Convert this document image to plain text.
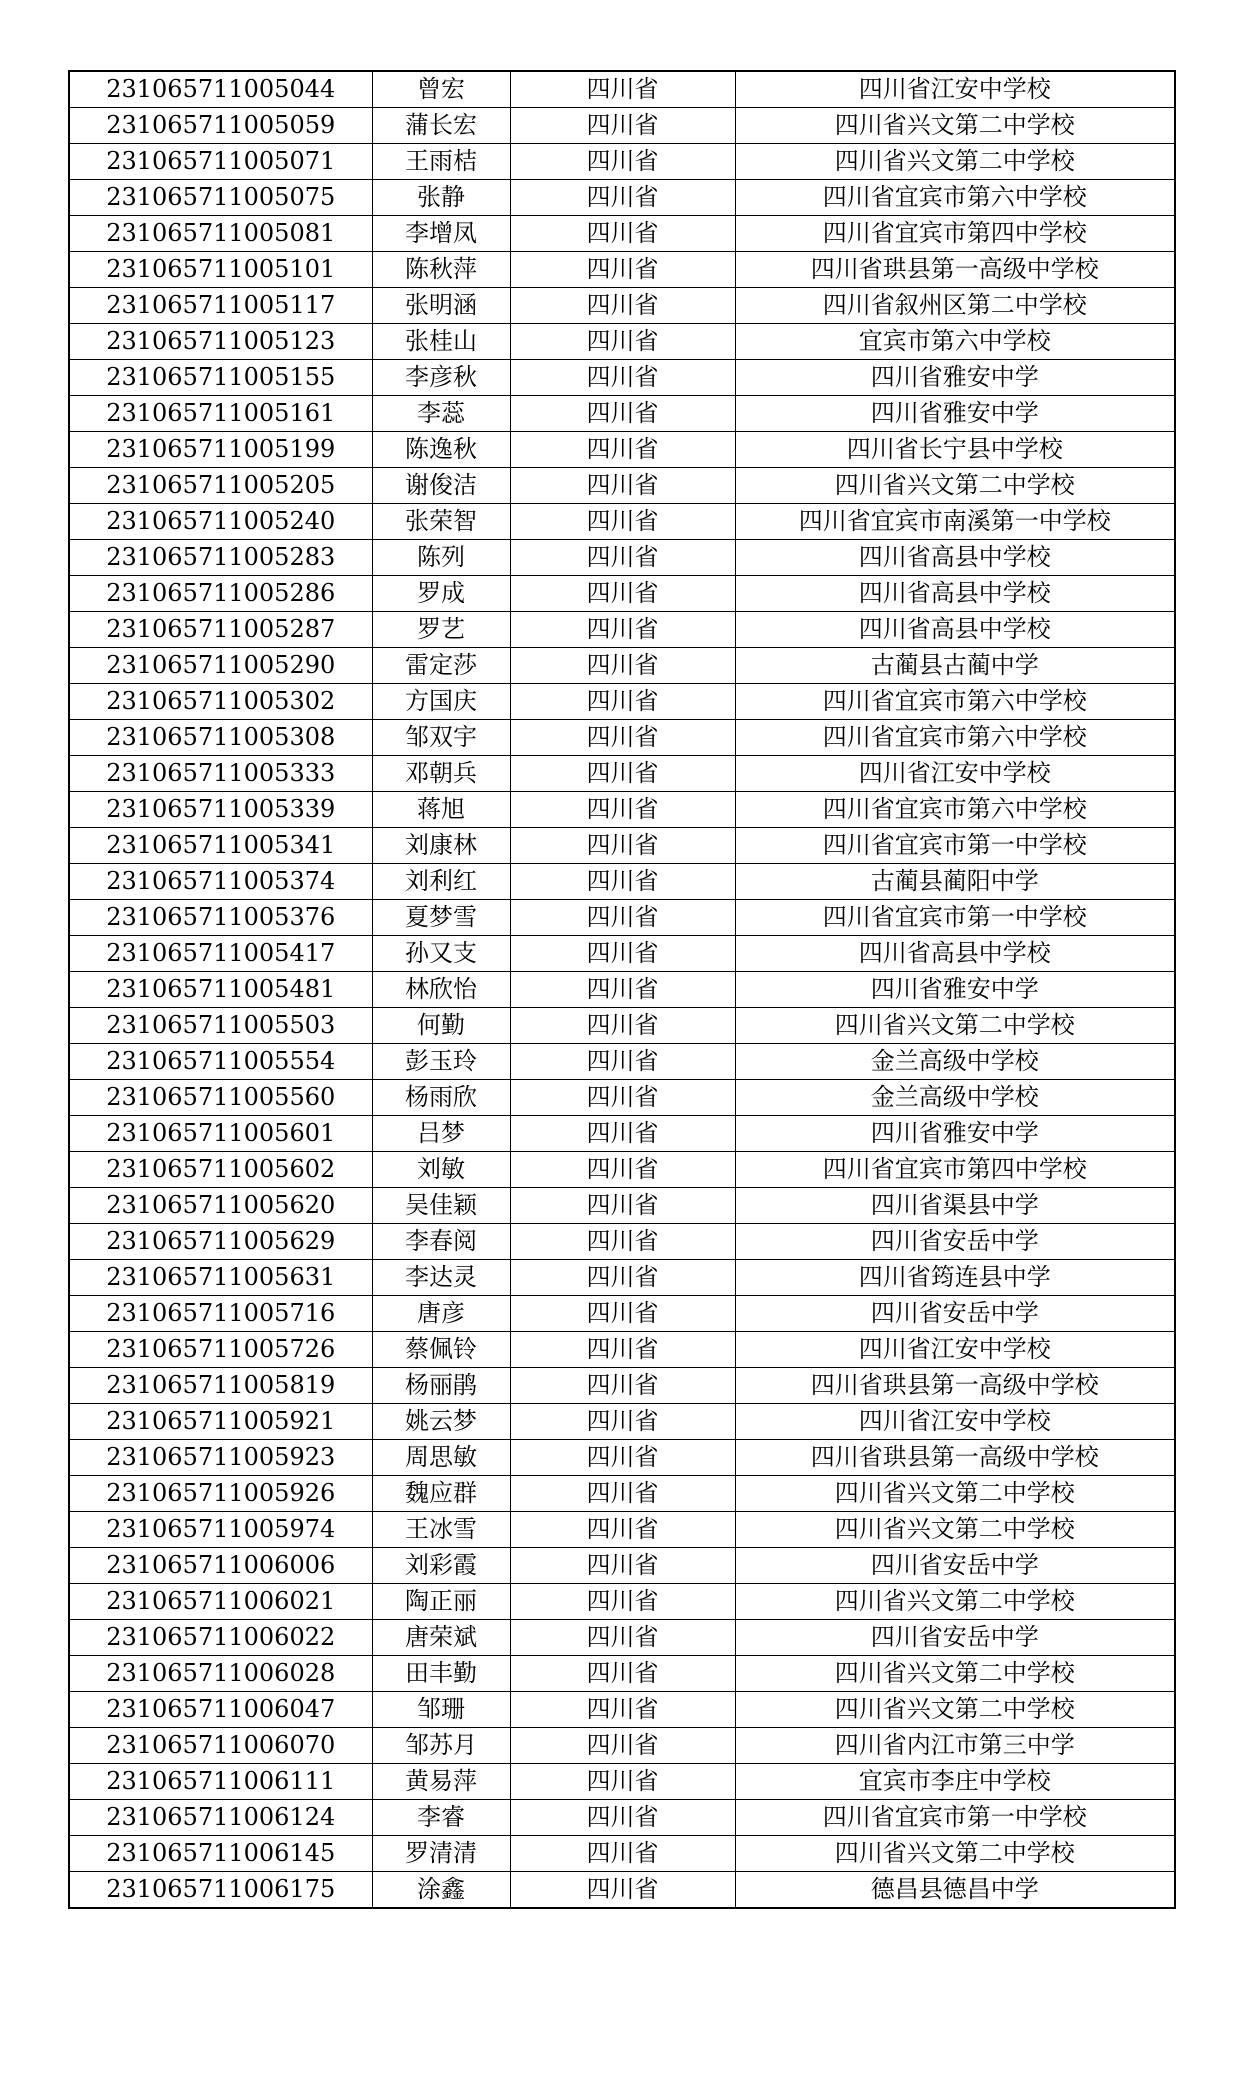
231065711005044	曾宏	四川省	四川省江安中学校
231065711005059	蒲长宏	四川省	四川省兴文第二中学校
231065711005071	王雨桔	四川省	四川省兴文第二中学校
231065711005075	张静	四川省	四川省宜宾市第六中学校
231065711005081	李增凤	四川省	四川省宜宾市第四中学校
231065711005101	陈秋萍	四川省	四川省珙县第一高级中学校
231065711005117	张明涵	四川省	四川省叙州区第二中学校
231065711005123	张桂山	四川省	宜宾市第六中学校
231065711005155	李彦秋	四川省	四川省雅安中学
231065711005161	李蕊	四川省	四川省雅安中学
231065711005199	陈逸秋	四川省	四川省长宁县中学校
231065711005205	谢俊洁	四川省	四川省兴文第二中学校
231065711005240	张荣智	四川省	四川省宜宾市南溪第一中学校
231065711005283	陈列	四川省	四川省高县中学校
231065711005286	罗成	四川省	四川省高县中学校
231065711005287	罗艺	四川省	四川省高县中学校
231065711005290	雷定莎	四川省	古蔺县古蔺中学
231065711005302	方国庆	四川省	四川省宜宾市第六中学校
231065711005308	邹双宇	四川省	四川省宜宾市第六中学校
231065711005333	邓朝兵	四川省	四川省江安中学校
231065711005339	蒋旭	四川省	四川省宜宾市第六中学校
231065711005341	刘康林	四川省	四川省宜宾市第一中学校
231065711005374	刘利红	四川省	古蔺县蔺阳中学
231065711005376	夏梦雪	四川省	四川省宜宾市第一中学校
231065711005417	孙又支	四川省	四川省高县中学校
231065711005481	林欣怡	四川省	四川省雅安中学
231065711005503	何勤	四川省	四川省兴文第二中学校
231065711005554	彭玉玲	四川省	金兰高级中学校
231065711005560	杨雨欣	四川省	金兰高级中学校
231065711005601	吕梦	四川省	四川省雅安中学
231065711005602	刘敏	四川省	四川省宜宾市第四中学校
231065711005620	吴佳颖	四川省	四川省渠县中学
231065711005629	李春阅	四川省	四川省安岳中学
231065711005631	李达灵	四川省	四川省筠连县中学
231065711005716	唐彦	四川省	四川省安岳中学
231065711005726	蔡佩铃	四川省	四川省江安中学校
231065711005819	杨丽鹃	四川省	四川省珙县第一高级中学校
231065711005921	姚云梦	四川省	四川省江安中学校
231065711005923	周思敏	四川省	四川省珙县第一高级中学校
231065711005926	魏应群	四川省	四川省兴文第二中学校
231065711005974	王冰雪	四川省	四川省兴文第二中学校
231065711006006	刘彩霞	四川省	四川省安岳中学
231065711006021	陶正丽	四川省	四川省兴文第二中学校
231065711006022	唐荣斌	四川省	四川省安岳中学
231065711006028	田丰勤	四川省	四川省兴文第二中学校
231065711006047	邹珊	四川省	四川省兴文第二中学校
231065711006070	邹苏月	四川省	四川省内江市第三中学
231065711006111	黄易萍	四川省	宜宾市李庄中学校
231065711006124	李睿	四川省	四川省宜宾市第一中学校
231065711006145	罗清清	四川省	四川省兴文第二中学校
231065711006175	涂鑫	四川省	德昌县德昌中学
